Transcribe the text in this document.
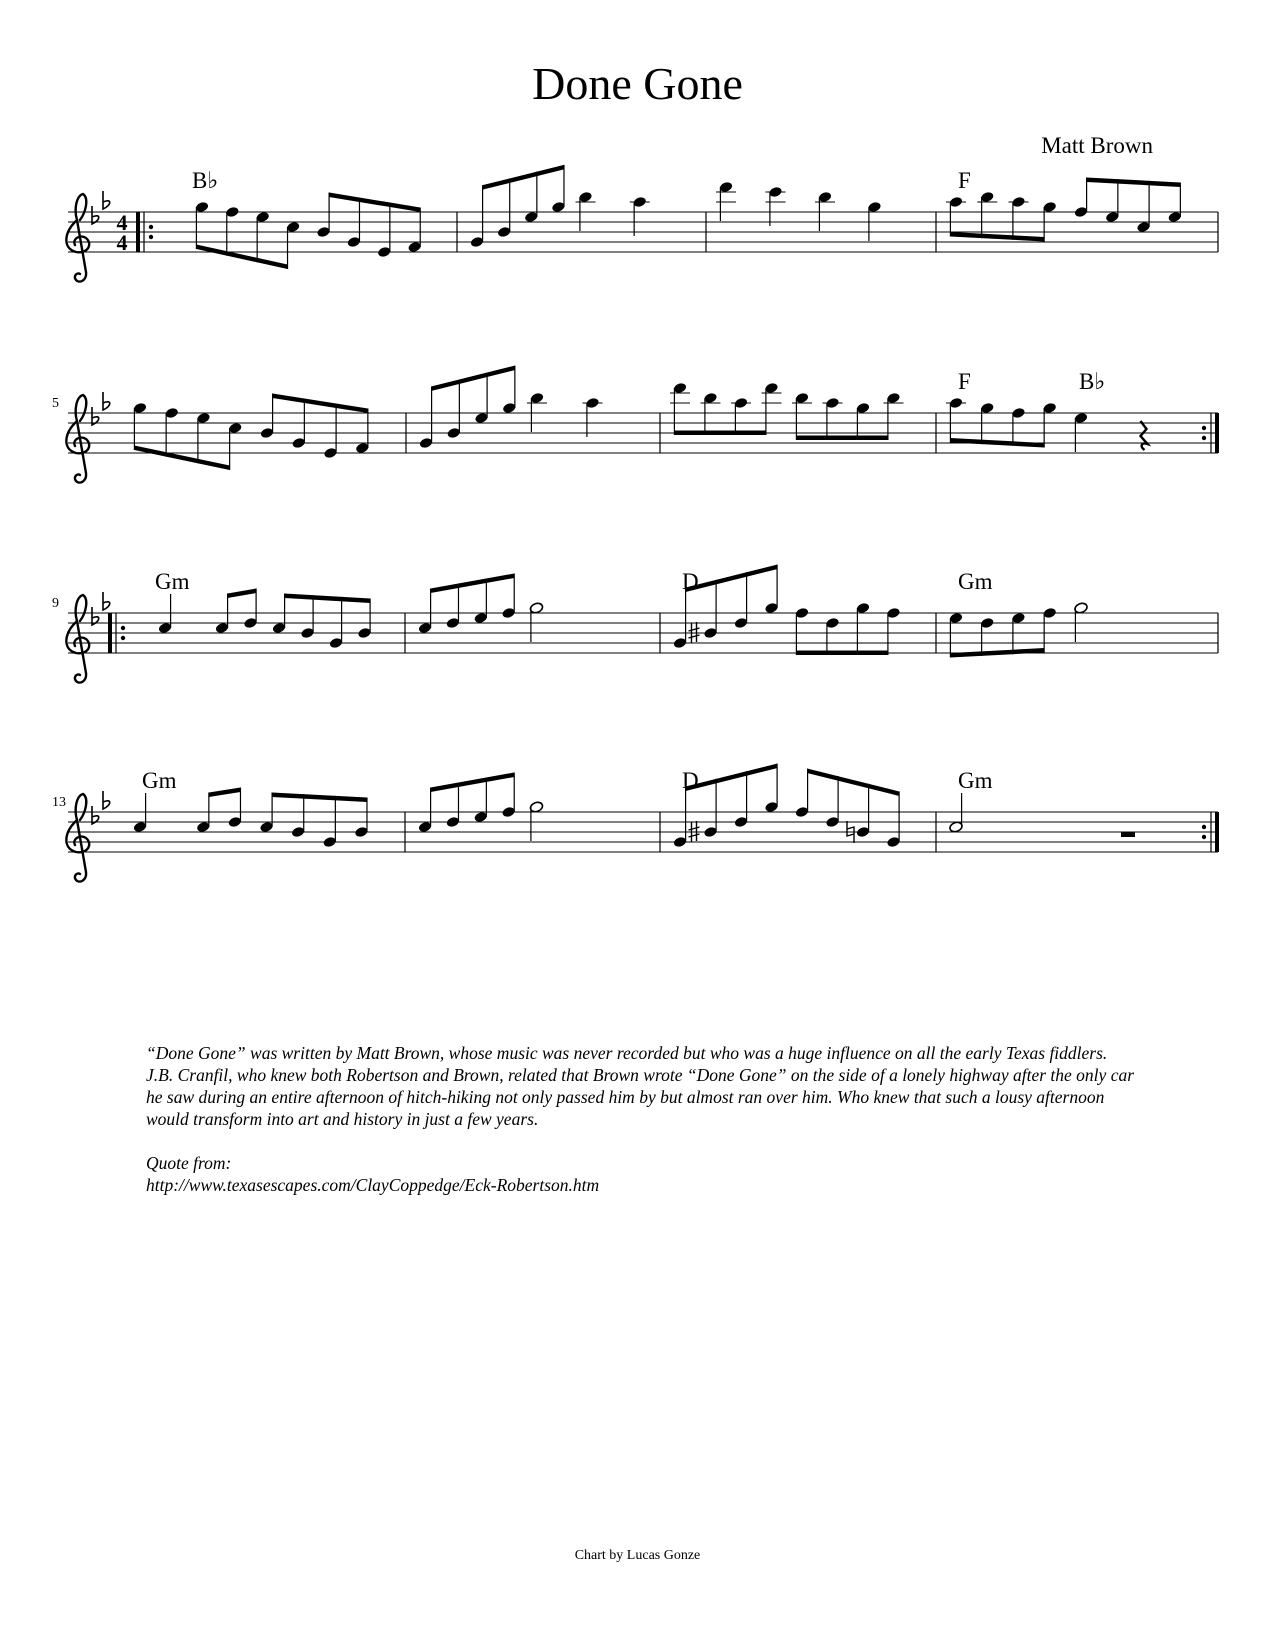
Done Gone
Matt Brown
4
4
B♭	F
5
F	B♭
9
Gm	D	Gm
13
Gm	D	Gm

“Done Gone” was written by Matt Brown, whose music was never recorded but who was a huge influence on all the early Texas fiddlers. J.B. Cranfil, who knew both Robertson and Brown, related that Brown wrote “Done Gone” on the side of a lonely highway after the only car he saw during an entire afternoon of hitch-hiking not only passed him by but almost ran over him. Who knew that such a lousy afternoon would transform into art and history in just a few years.

Quote from:
http://www.texasescapes.com/ClayCoppedge/Eck-Robertson.htm
Chart by Lucas Gonze
